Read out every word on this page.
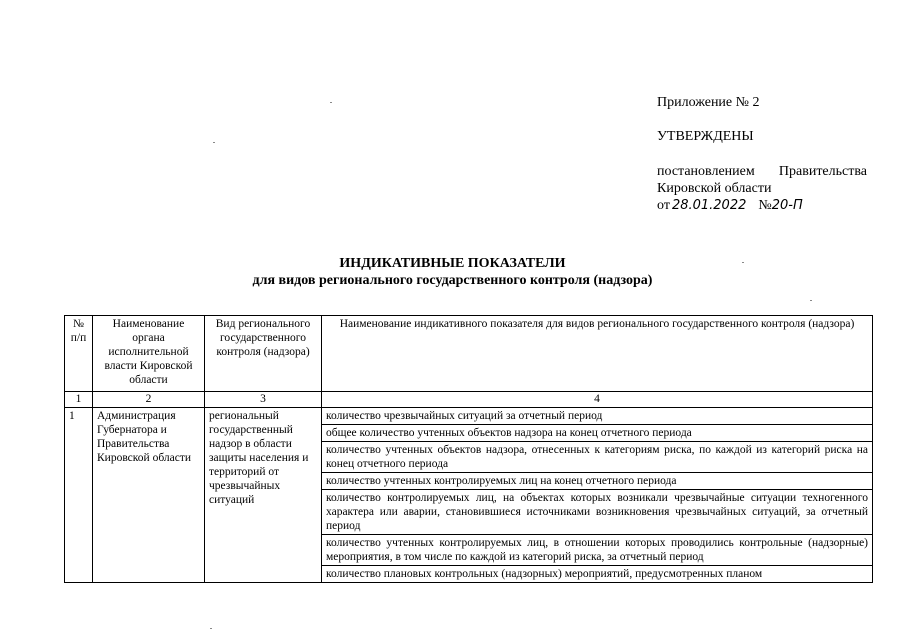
Приложение № 2
УТВЕРЖДЕНЫ
постановлением Правительства
Кировской области
от 28.01.2022 №20-П
ИНДИКАТИВНЫЕ ПОКАЗАТЕЛИ
для видов регионального государственного контроля (надзора)
№ п/п	Наименование органа исполнительной власти Кировской области	Вид регионального государственного контроля (надзора)	Наименование индикативного показателя для видов регионального государственного контроля (надзора)
1	2	3	4
1	Администрация Губернатора и Правительства Кировской области	региональный государственный надзор в области защиты населения и территорий от чрезвычайных ситуаций	количество чрезвычайных ситуаций за отчетный период
			общее количество учтенных объектов надзора на конец отчетного периода
			количество учтенных объектов надзора, отнесенных к категориям риска, по каждой из категорий риска на конец отчетного периода
			количество учтенных контролируемых лиц на конец отчетного периода
			количество контролируемых лиц, на объектах которых возникали чрезвычайные ситуации техногенного характера или аварии, становившиеся источниками возникновения чрезвычайных ситуаций, за отчетный период
			количество учтенных контролируемых лиц, в отношении которых проводились контрольные (надзорные) мероприятия, в том числе по каждой из категорий риска, за отчетный период
			количество плановых контрольных (надзорных) мероприятий, предусмотренных планом
